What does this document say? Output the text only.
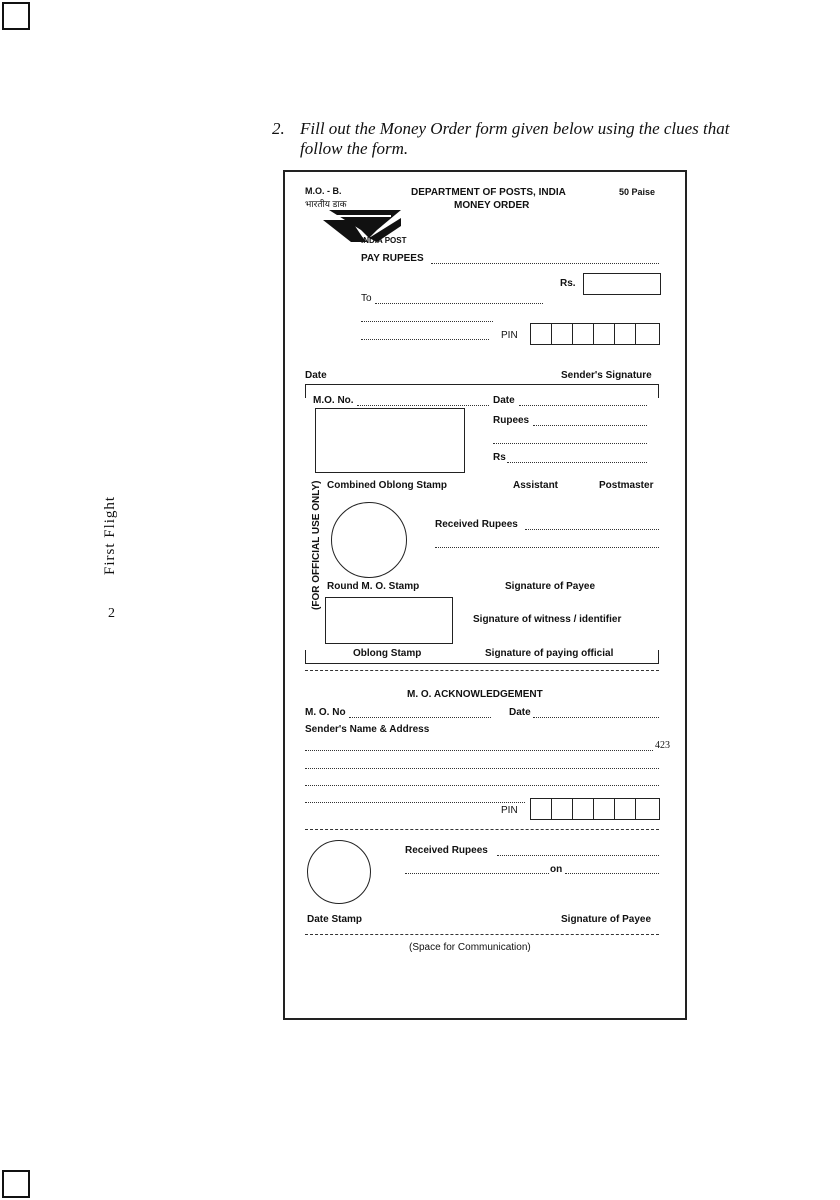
2. Fill out the Money Order form given below using the clues that
follow the form.
First Flight
2
M.O. - B.
भारतीय डाक
DEPARTMENT OF POSTS, INDIA
MONEY ORDER
50 Paise
INDIA POST
PAY RUPEES
Rs.
To
PIN
Date	Sender's Signature
(FOR OFFICIAL USE ONLY)
M.O. No.	Date
Rupees
Rs
Combined Oblong Stamp	Assistant	Postmaster
Received Rupees
Round M. O. Stamp	Signature of Payee
Signature of witness / identifier
Oblong Stamp	Signature of paying official
M. O. ACKNOWLEDGEMENT
M. O. No	Date
Sender's Name & Address
423
PIN
Received Rupees
on
Date Stamp	Signature of Payee
(Space for Communication)
